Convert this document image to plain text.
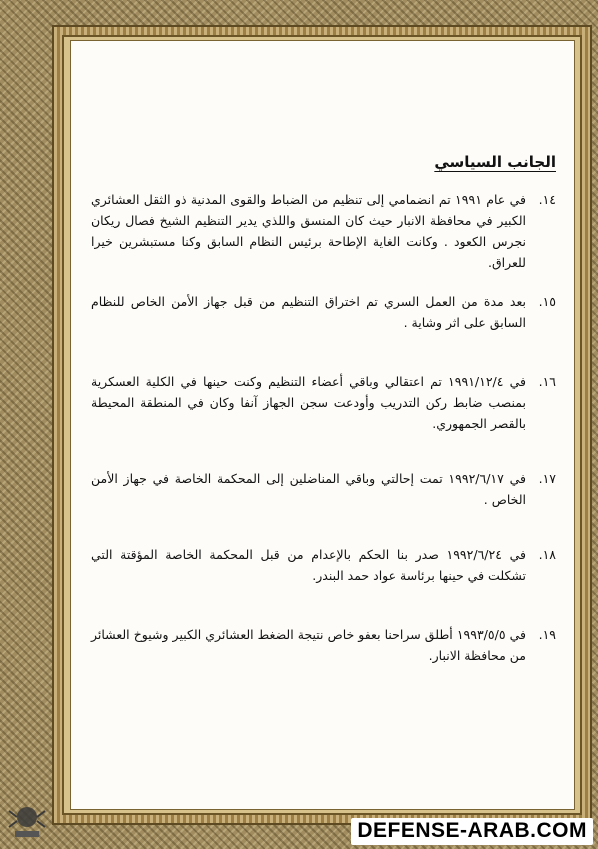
الجانب السياسي
١٤.
في عام ١٩٩١ تم انضمامي إلى تنظيم من الضباط والقوى المدنية ذو الثقل العشائري الكبير في محافظة الانبار حيث كان المنسق واللذي يدير التنظيم الشيخ فصال ريكان نجرس الكعود . وكانت الغاية الإطاحة برئيس النظام السابق وكنا مستبشرين خيرا للعراق.
١٥.
بعد مدة من العمل السري تم اختراق التنظيم من قبل جهاز الأمن الخاص للنظام السابق على اثر وشاية .
١٦.
في ١٩٩١/١٢/٤ تم اعتقالي وباقي أعضاء التنظيم وكنت حينها في الكلية العسكرية بمنصب ضابط ركن التدريب وأودعت سجن الجهاز آنفا وكان في المنطقة المحيطة بالقصر الجمهوري.
١٧.
في ١٩٩٢/٦/١٧ تمت إحالتي وباقي المناضلين إلى المحكمة الخاصة في جهاز الأمن الخاص .
١٨.
في ١٩٩٢/٦/٢٤ صدر بنا الحكم بالإعدام من قبل المحكمة الخاصة المؤقتة التي تشكلت في حينها برئاسة عواد حمد البندر.
١٩.
في ١٩٩٣/٥/٥ أطلق سراحنا بعفو خاص نتيجة الضغط العشائري الكبير وشيوخ العشائر من محافظة الانبار.
DEFENSE-ARAB.COM
